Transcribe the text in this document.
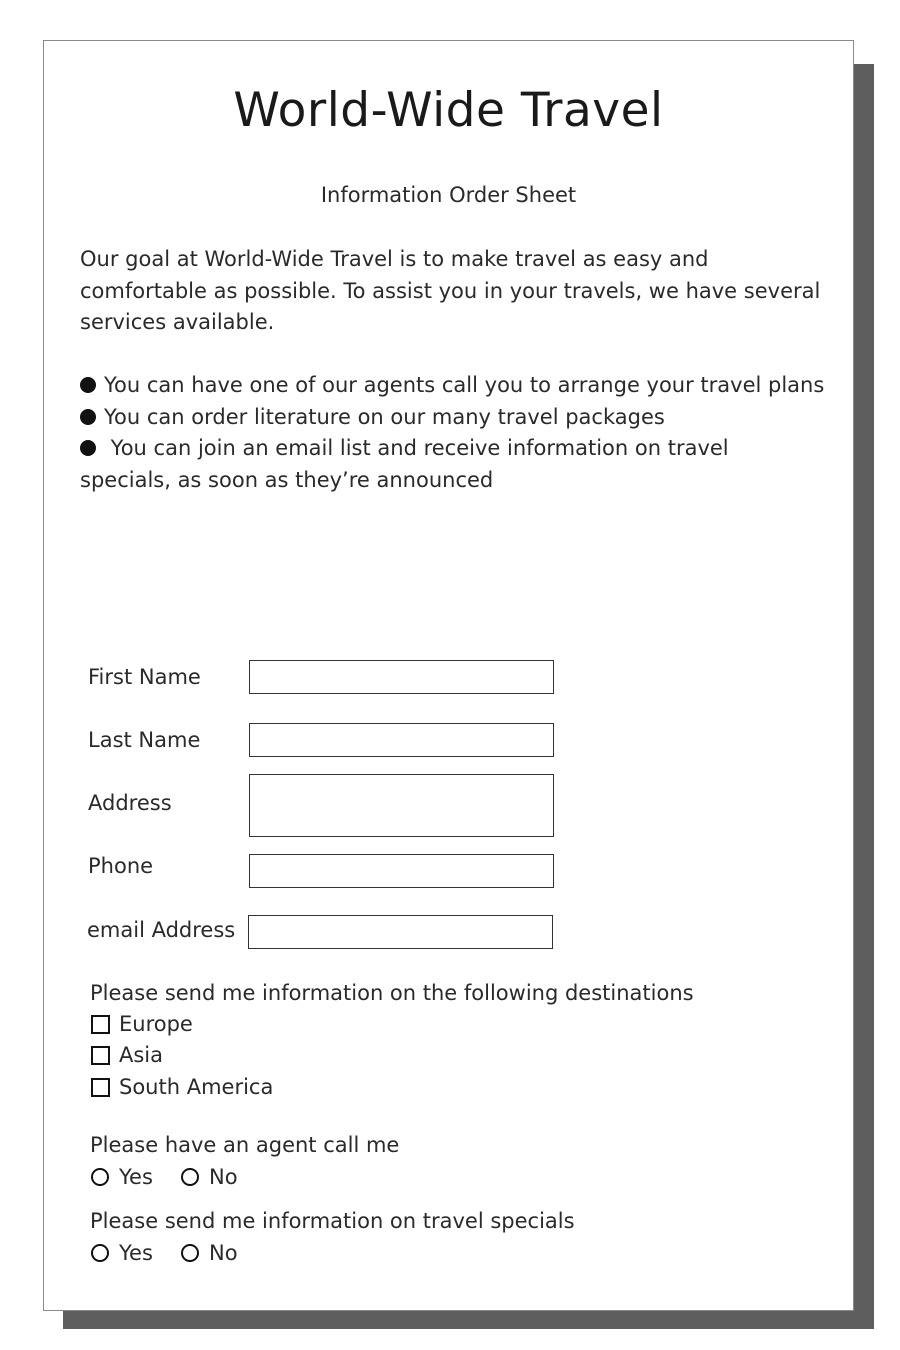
World-Wide Travel
Information Order Sheet
Our goal at World-Wide Travel is to make travel as easy and comfortable as possible. To assist you in your travels, we have several services available.
You can have one of our agents call you to arrange your travel plans
You can order literature on our many travel packages
You can join an email list and receive information on travel specials, as soon as they’re announced
First Name
Last Name
Address
Phone
email Address
Please send me information on the following destinations
Europe
Asia
South America
Please have an agent call me
Yes	No
Please send me information on travel specials
Yes	No
